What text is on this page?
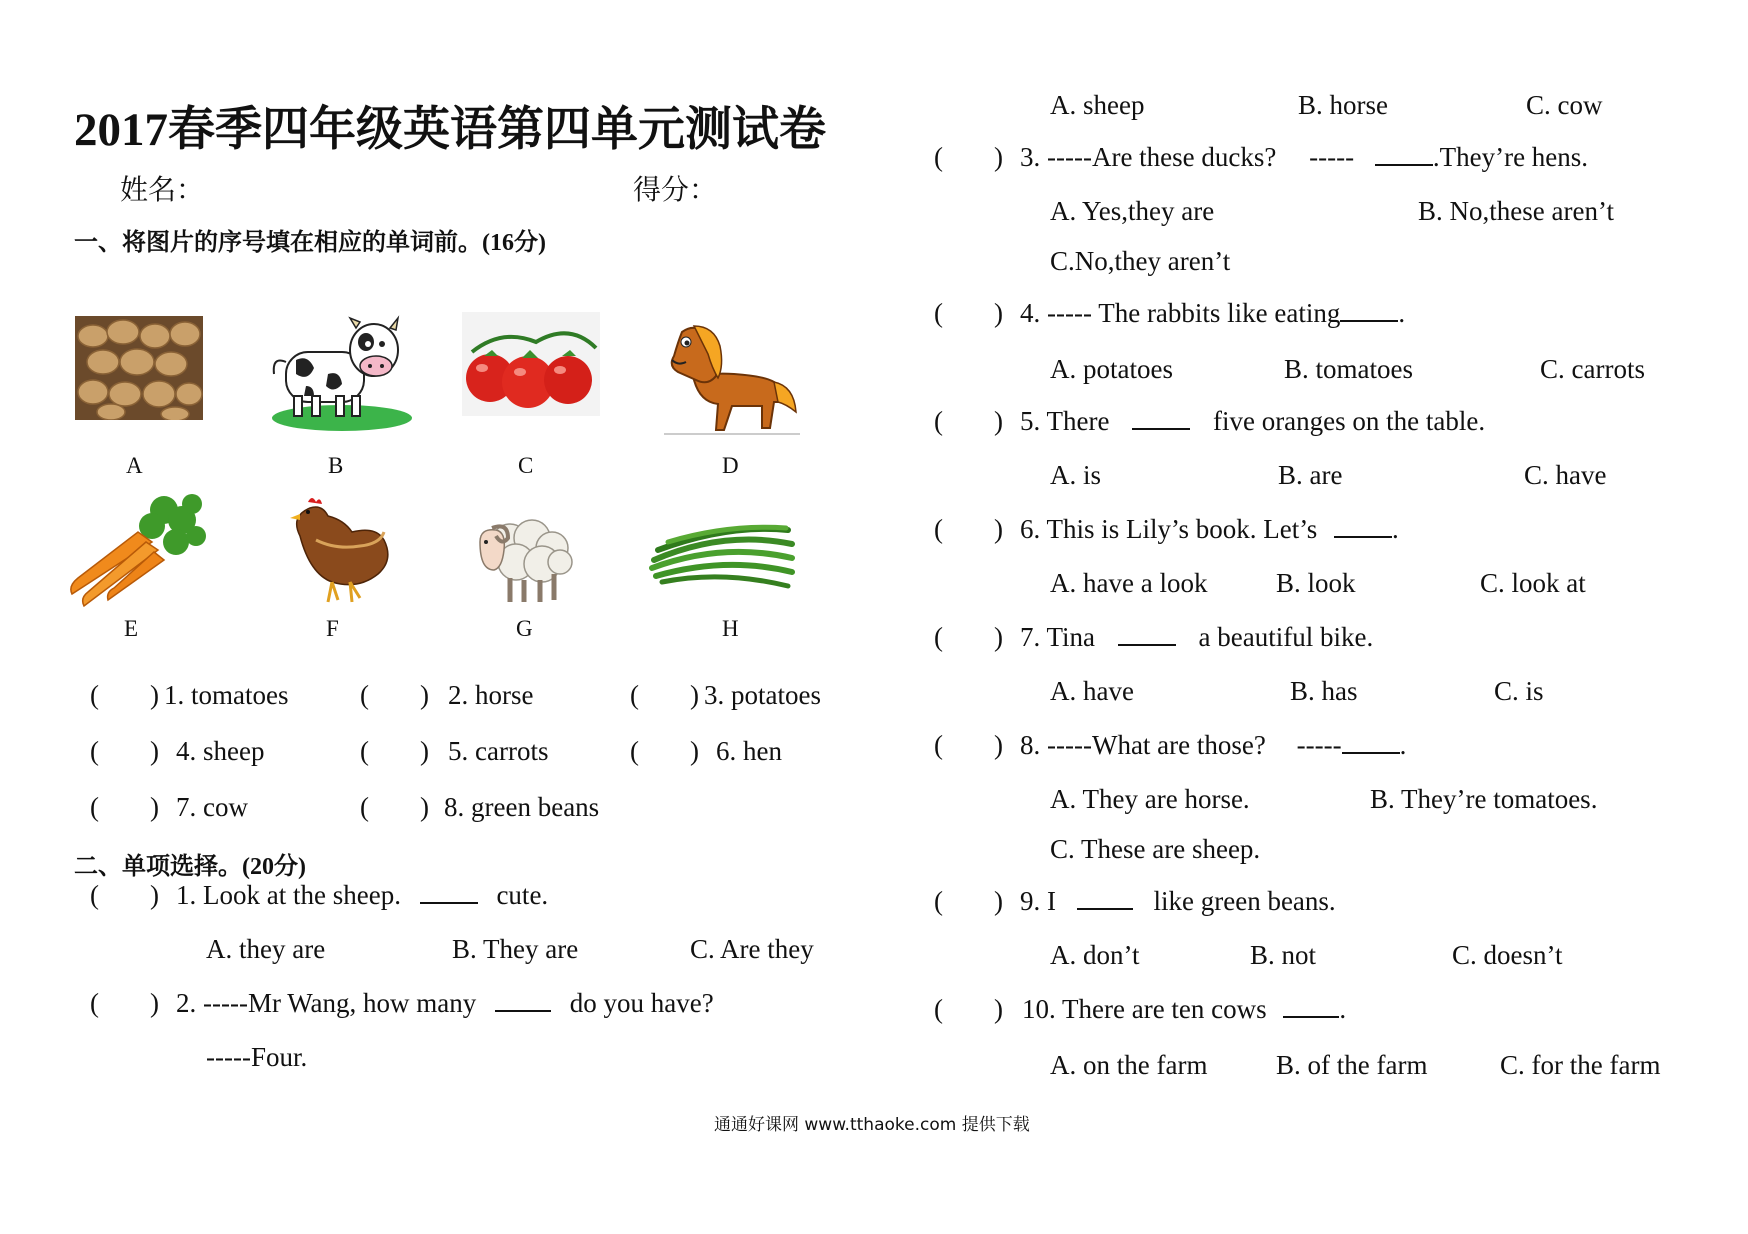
2017春季四年级英语第四单元测试卷
姓名：	得分：
一、将图片的序号填在相应的单词前。(16分)
A	B	C	D
E	F	G	H
( ) 1. tomatoes	( ) 2. horse	( ) 3. potatoes
( ) 4. sheep	( ) 5. carrots	( ) 6. hen
( ) 7. cow	( ) 8. green beans
二、单项选择。(20分)
( ) 1. Look at the sheep.	cute.
A. they are	B. They are	C. Are they
( ) 2. -----Mr Wang, how many	do you have?
-----Four.
A. sheep	B. horse	C. cow
( ) 3. -----Are these ducks? -----	.They’re hens.
A. Yes,they are	B. No,these aren’t
C.No,they aren’t
( ) 4. ----- The rabbits like eating .
A. potatoes	B. tomatoes	C. carrots
( ) 5. There	five oranges on the table.
A. is	B. are	C. have
( ) 6. This is Lily’s book. Let’s	.
A. have a look	B. look	C. look at
( ) 7. Tina	a beautiful bike.
A. have	B. has	C. is
( ) 8. -----What are those? ----- .
A. They are horse.	B. They’re tomatoes.
C. These are sheep.
( ) 9. I	like green beans.
A. don’t	B. not	C. doesn’t
( ) 10. There are ten cows	.
A. on the farm	B. of the farm	C. for the farm
通通好课网 www.tthaoke.com 提供下载
